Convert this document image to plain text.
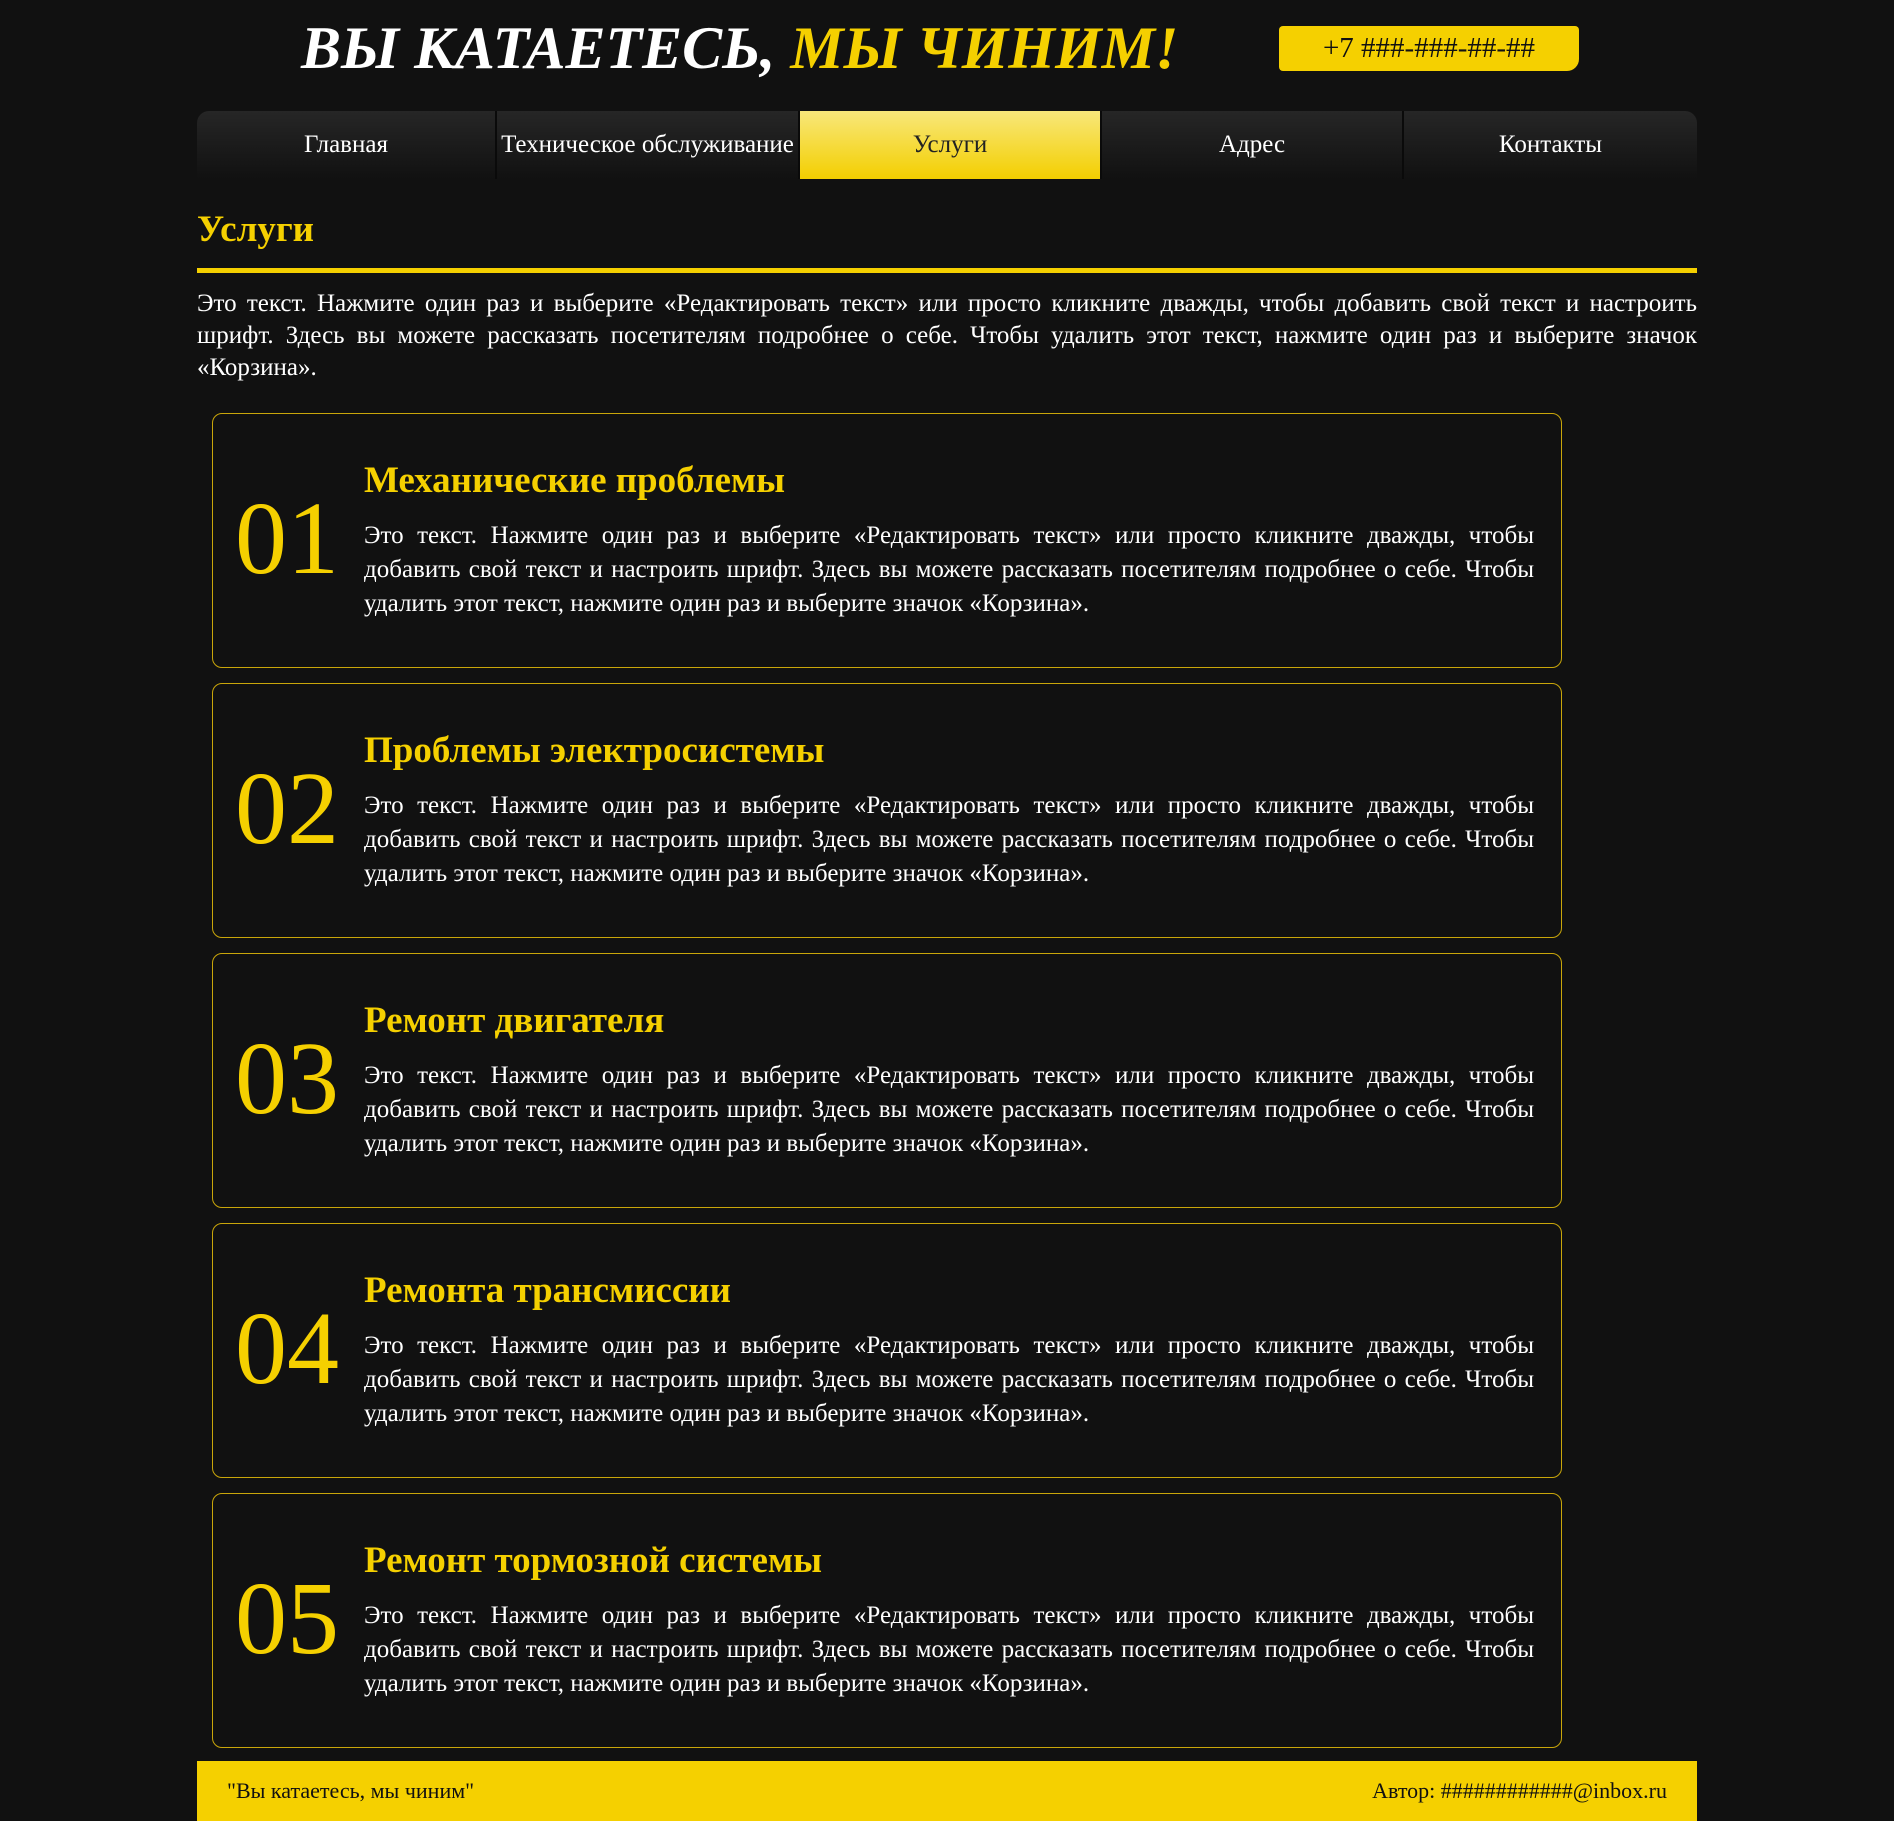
ВЫ КАТАЕТЕСЬ, МЫ ЧИНИМ!	+7 ###-###-##-##
Главная	Техническое обслуживание	Услуги	Адрес	Контакты
Услуги

Это текст. Нажмите один раз и выберите «Редактировать текст» или просто кликните дважды, чтобы добавить свой текст и настроить шрифт. Здесь вы можете рассказать посетителям подробнее о себе. Чтобы удалить этот текст, нажмите один раз и выберите значок «Корзина».

01
Механические проблемы

Это текст. Нажмите один раз и выберите «Редактировать текст» или просто кликните дважды, чтобы добавить свой текст и настроить шрифт. Здесь вы можете рассказать посетителям подробнее о себе. Чтобы удалить этот текст, нажмите один раз и выберите значок «Корзина».

02
Проблемы электросистемы

Это текст. Нажмите один раз и выберите «Редактировать текст» или просто кликните дважды, чтобы добавить свой текст и настроить шрифт. Здесь вы можете рассказать посетителям подробнее о себе. Чтобы удалить этот текст, нажмите один раз и выберите значок «Корзина».

03
Ремонт двигателя

Это текст. Нажмите один раз и выберите «Редактировать текст» или просто кликните дважды, чтобы добавить свой текст и настроить шрифт. Здесь вы можете рассказать посетителям подробнее о себе. Чтобы удалить этот текст, нажмите один раз и выберите значок «Корзина».

04
Ремонта трансмиссии

Это текст. Нажмите один раз и выберите «Редактировать текст» или просто кликните дважды, чтобы добавить свой текст и настроить шрифт. Здесь вы можете рассказать посетителям подробнее о себе. Чтобы удалить этот текст, нажмите один раз и выберите значок «Корзина».

05
Ремонт тормозной системы

Это текст. Нажмите один раз и выберите «Редактировать текст» или просто кликните дважды, чтобы добавить свой текст и настроить шрифт. Здесь вы можете рассказать посетителям подробнее о себе. Чтобы удалить этот текст, нажмите один раз и выберите значок «Корзина».

"Вы катаетесь, мы чиним"	Автор: ############@inbox.ru
